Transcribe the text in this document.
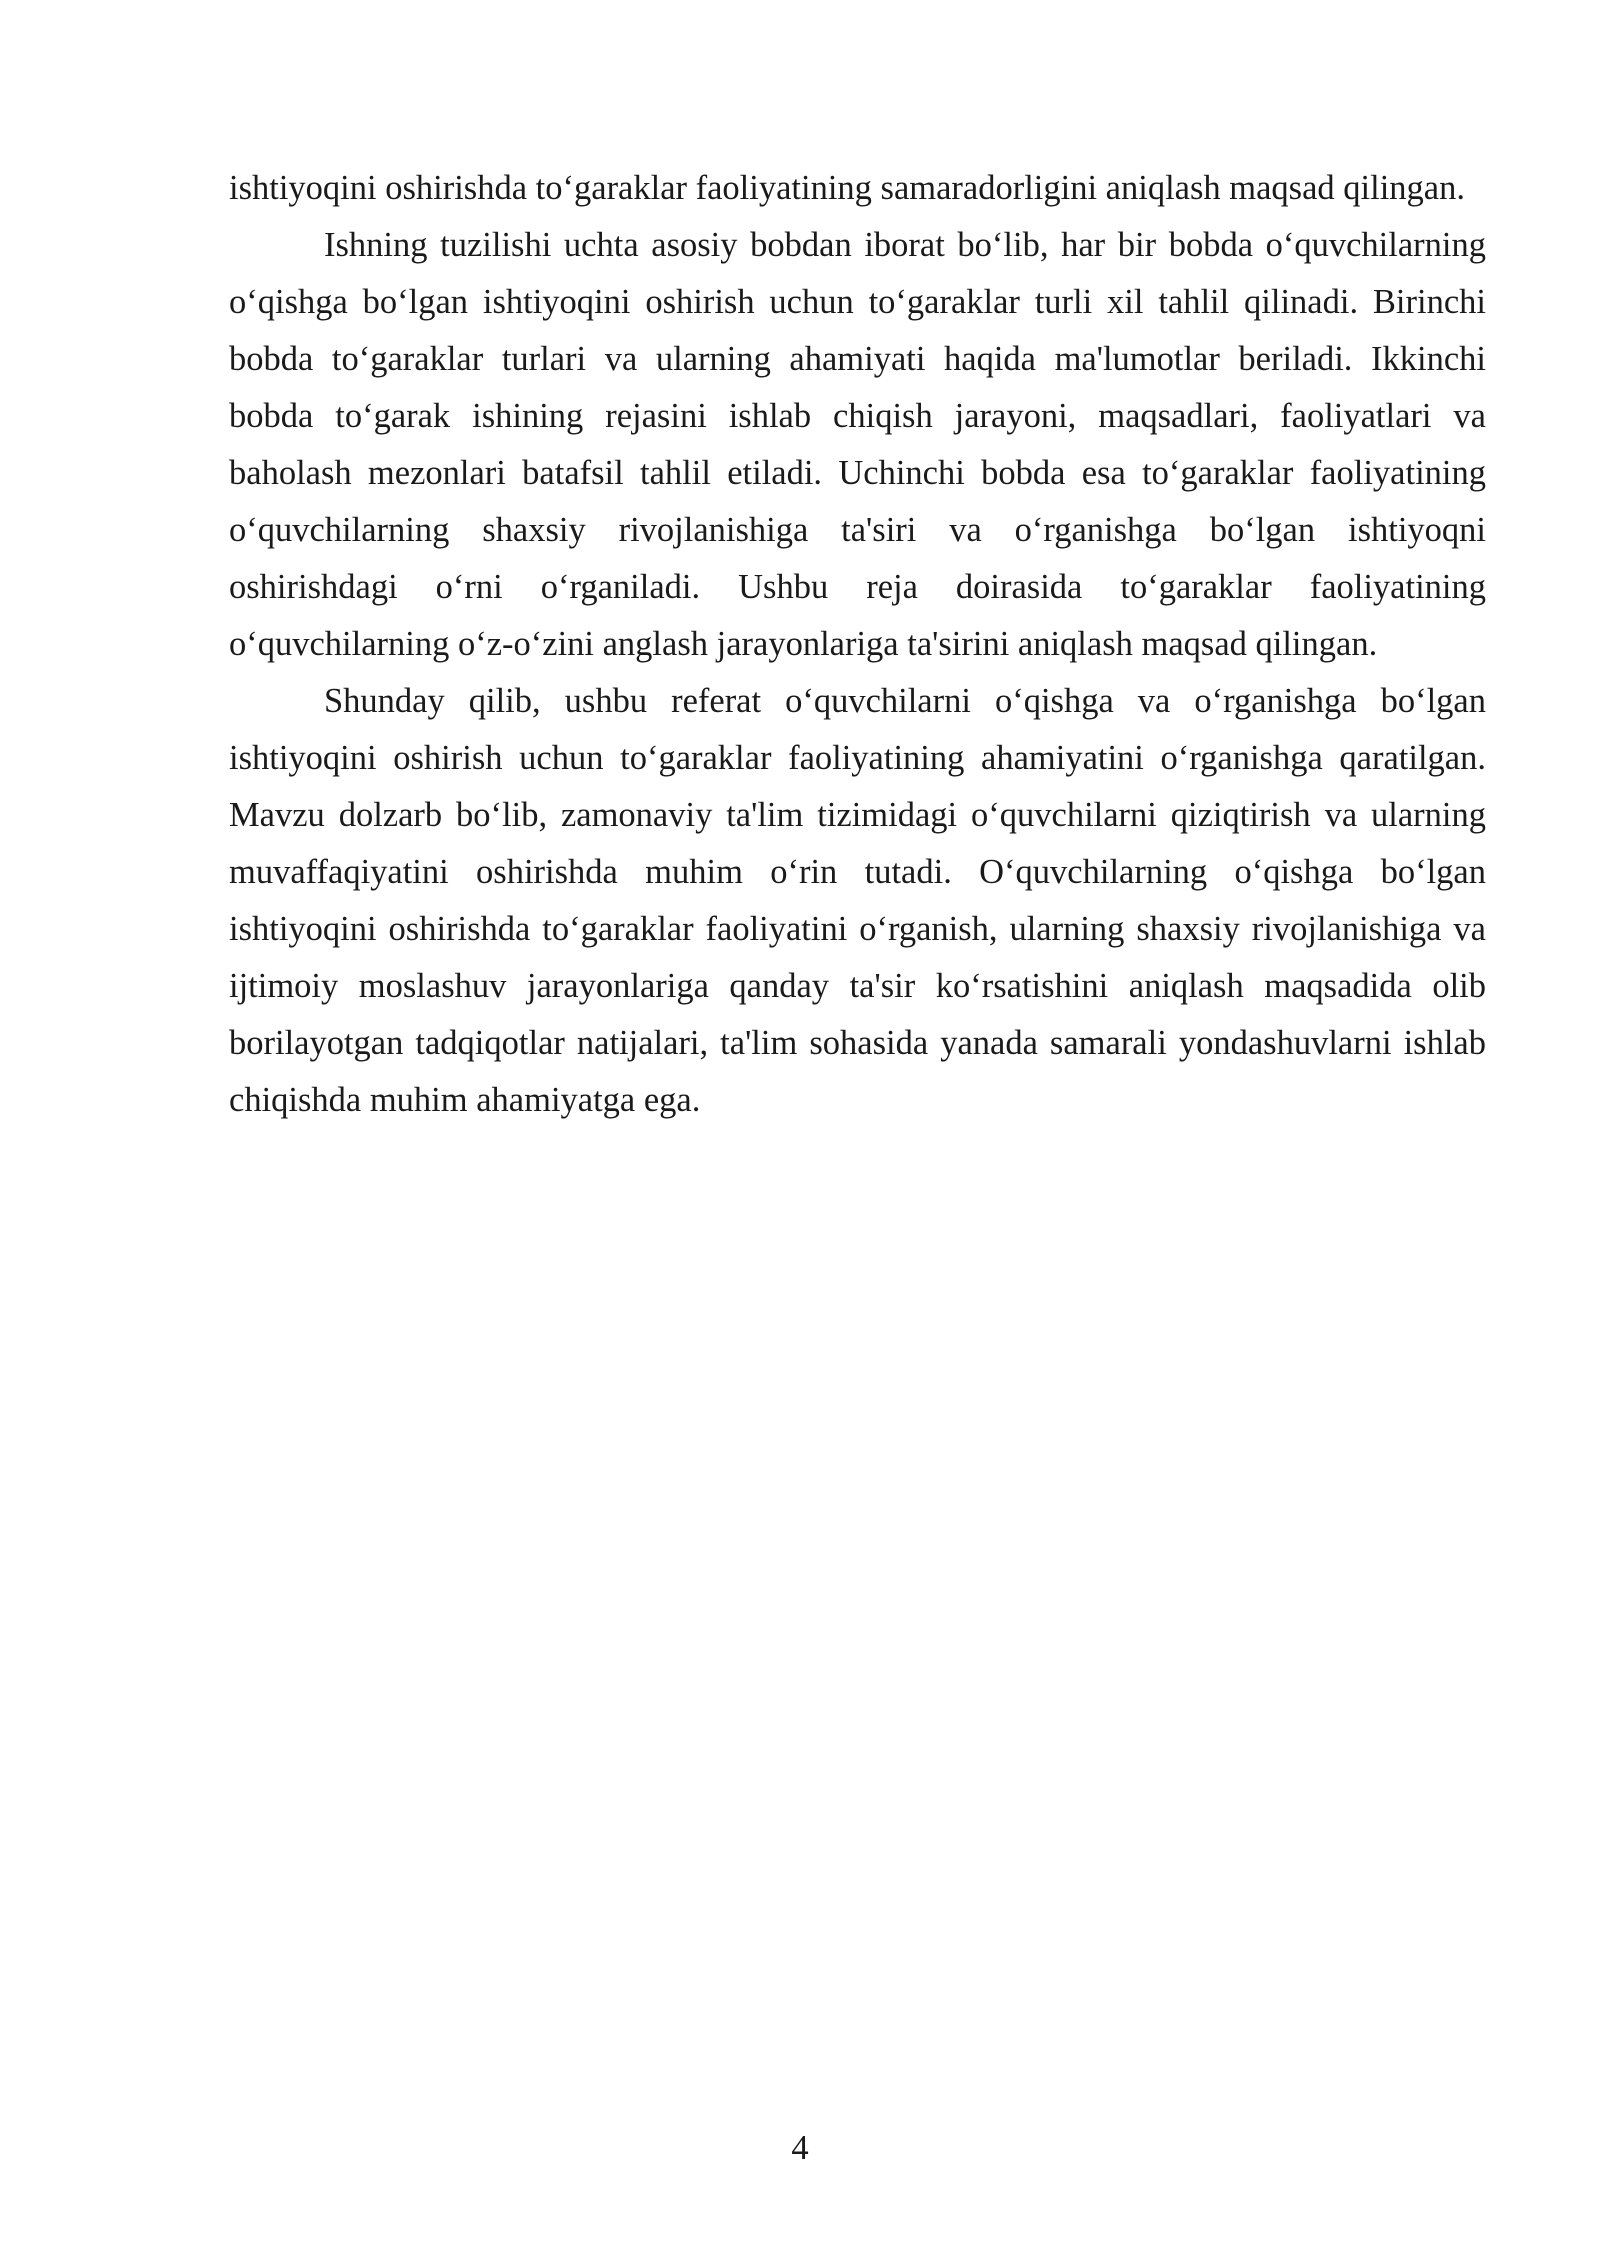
ishtiyoqini oshirishda to‘garaklar faoliyatining samaradorligini aniqlash maqsad qilingan.

Ishning tuzilishi uchta asosiy bobdan iborat bo‘lib, har bir bobda o‘quvchilarning o‘qishga bo‘lgan ishtiyoqini oshirish uchun to‘garaklar turli xil tahlil qilinadi. Birinchi bobda to‘garaklar turlari va ularning ahamiyati haqida ma'lumotlar beriladi. Ikkinchi bobda to‘garak ishining rejasini ishlab chiqish jarayoni, maqsadlari, faoliyatlari va baholash mezonlari batafsil tahlil etiladi. Uchinchi bobda esa to‘garaklar faoliyatining o‘quvchilarning shaxsiy rivojlanishiga ta'siri va o‘rganishga bo‘lgan ishtiyoqni oshirishdagi o‘rni o‘rganiladi. Ushbu reja doirasida to‘garaklar faoliyatining o‘quvchilarning o‘z-o‘zini anglash jarayonlariga ta'sirini aniqlash maqsad qilingan.

Shunday qilib, ushbu referat o‘quvchilarni o‘qishga va o‘rganishga bo‘lgan ishtiyoqini oshirish uchun to‘garaklar faoliyatining ahamiyatini o‘rganishga qaratilgan. Mavzu dolzarb bo‘lib, zamonaviy ta'lim tizimidagi o‘quvchilarni qiziqtirish va ularning muvaffaqiyatini oshirishda muhim o‘rin tutadi. O‘quvchilarning o‘qishga bo‘lgan ishtiyoqini oshirishda to‘garaklar faoliyatini o‘rganish, ularning shaxsiy rivojlanishiga va ijtimoiy moslashuv jarayonlariga qanday ta'sir ko‘rsatishini aniqlash maqsadida olib borilayotgan tadqiqotlar natijalari, ta'lim sohasida yanada samarali yondashuvlarni ishlab chiqishda muhim ahamiyatga ega.

4
